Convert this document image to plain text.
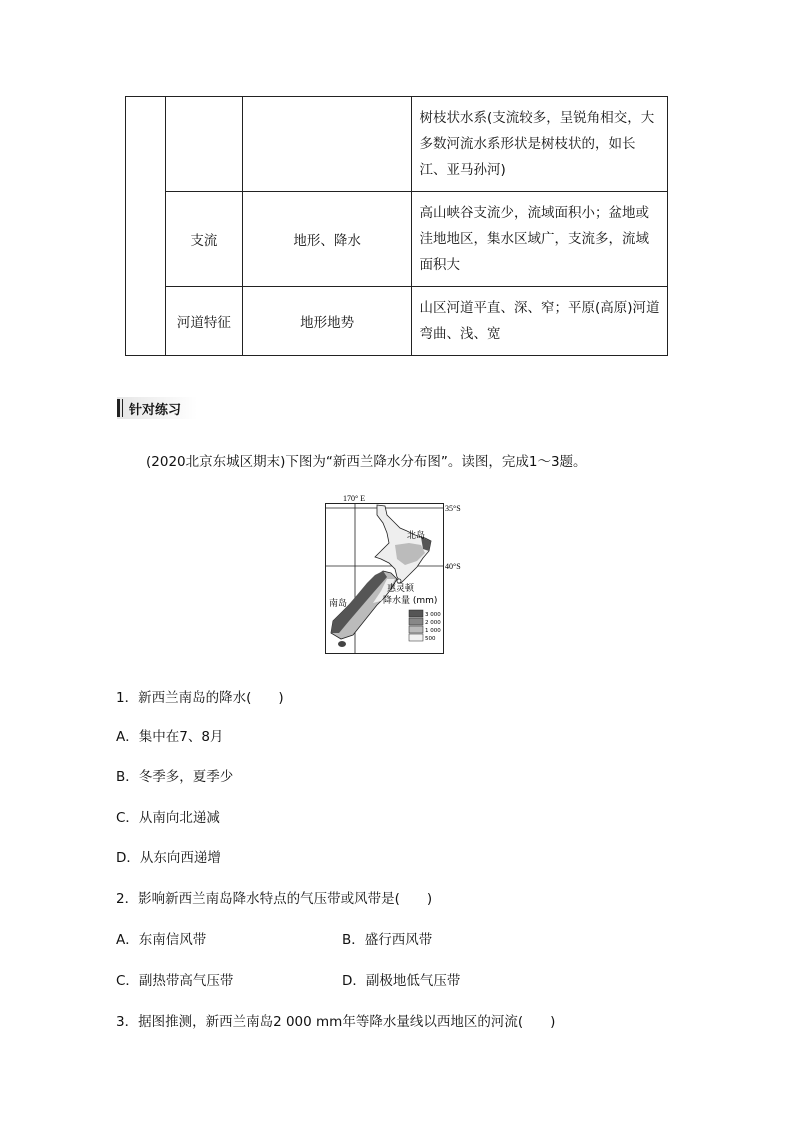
			树枝状水系(支流较多，呈锐角相交，大多数河流水系形状是树枝状的，如长江、亚马孙河)

	支流	地形、降水	高山峡谷支流少，流域面积小；盆地或洼地地区，集水区域广，支流多，流域面积大

	河道特征	地形地势	山区河道平直、深、窄；平原(高原)河道弯曲、浅、宽
针对练习
(2020北京东城区期末)下图为“新西兰降水分布图”。读图，完成1～3题。
170° E
35°S
40°S
北岛
南岛
惠灵顿
降水量 (mm)
3 000
2 000
1 000
500
1．新西兰南岛的降水(　　)
A．集中在7、8月
B．冬季多，夏季少
C．从南向北递减
D．从东向西递增
2．影响新西兰南岛降水特点的气压带或风带是(　　)
A．东南信风带	B．盛行西风带
C．副热带高气压带	D．副极地低气压带
3．据图推测，新西兰南岛2 000 mm年等降水量线以西地区的河流(　　)
